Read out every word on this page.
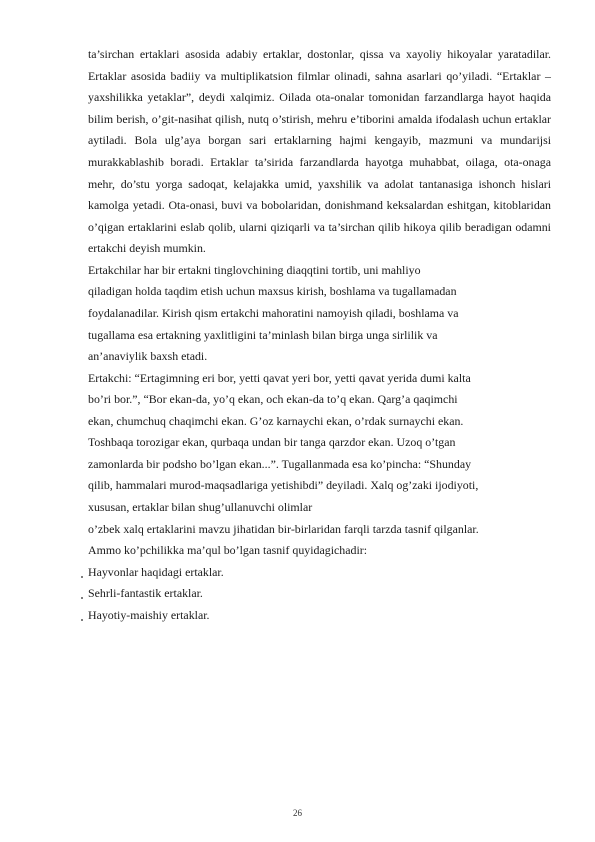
ta’sirchan ertaklari asosida adabiy ertaklar, dostonlar, qissa va xayoliy hikoyalar yaratadilar. Ertaklar asosida badiiy va multiplikatsion filmlar olinadi, sahna asarlari qo’yiladi. “Ertaklar – yaxshilikka yetaklar”, deydi xalqimiz. Oilada ota-onalar tomonidan farzandlarga hayot haqida bilim berish, o’git-nasihat qilish, nutq o’stirish, mehru e’tiborini amalda ifodalash uchun ertaklar aytiladi. Bola ulg’aya borgan sari ertaklarning hajmi kengayib, mazmuni va mundarijsi murakkablashib boradi. Ertaklar ta’sirida farzandlarda hayotga muhabbat, oilaga, ota-onaga mehr, do’stu yorga sadoqat, kelajakka umid, yaxshilik va adolat tantanasiga ishonch hislari kamolga yetadi. Ota-onasi, buvi va bobolaridan, donishmand keksalardan eshitgan, kitoblaridan o’qigan ertaklarini eslab qolib, ularni qiziqarli va ta’sirchan qilib hikoya qilib beradigan odamni ertakchi deyish mumkin.

Ertakchilar har bir ertakni tinglovchining diaqqtini tortib, uni mahliyo

qiladigan holda taqdim etish uchun maxsus kirish, boshlama va tugallamadan

foydalanadilar. Kirish qism ertakchi mahoratini namoyish qiladi, boshlama va

tugallama esa ertakning yaxlitligini ta’minlash bilan birga unga sirlilik va

an’anaviylik baxsh etadi.

Ertakchi: “Ertagimning eri bor, yetti qavat yeri bor, yetti qavat yerida dumi kalta

bo’ri bor.”, “Bor ekan-da, yo’q ekan, och ekan-da to’q ekan. Qarg’a qaqimchi

ekan, chumchuq chaqimchi ekan. G’oz karnaychi ekan, o’rdak surnaychi ekan.

Toshbaqa torozigar ekan, qurbaqa undan bir tanga qarzdor ekan. Uzoq o’tgan

zamonlarda bir podsho bo’lgan ekan...”. Tugallanmada esa ko’pincha: “Shunday

qilib, hammalari murod-maqsadlariga yetishibdi” deyiladi. Xalq og’zaki ijodiyoti,

xususan, ertaklar bilan shug’ullanuvchi olimlar

o’zbek xalq ertaklarini mavzu jihatidan bir-birlaridan farqli tarzda tasnif qilganlar.

Ammo ko’pchilikka ma’qul bo’lgan tasnif quyidagichadir:

Hayvonlar haqidagi ertaklar.
Sehrli-fantastik ertaklar.
Hayotiy-maishiy ertaklar.
26
